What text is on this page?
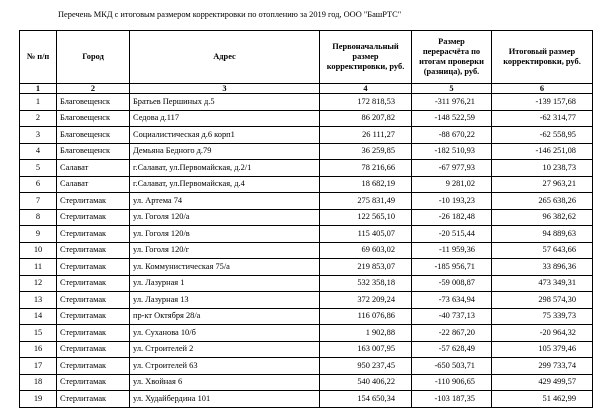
Перечень МКД с итоговым размером корректировки по отоплению за 2019 год, ООО "БашРТС"
№ п/п	Город	Адрес	Первоначальный размер корректировки, руб.	Размер перерасчёта по итогам проверки (разница), руб.	Итоговый размер корректировки, руб.
1	2	3	4	5	6
1	Благовещенск	Братьев Першиных д.5	172 818,53	-311 976,21	-139 157,68
2	Благовещенск	Седова д.117	86 207,82	-148 522,59	-62 314,77
3	Благовещенск	Социалистическая д.6 корп1	26 111,27	-88 670,22	-62 558,95
4	Благовещенск	Демьяна Бедного д.79	36 259,85	-182 510,93	-146 251,08
5	Салават	г.Салават, ул.Первомайская, д.2/1	78 216,66	-67 977,93	10 238,73
6	Салават	г.Салават, ул.Первомайская, д.4	18 682,19	9 281,02	27 963,21
7	Стерлитамак	ул. Артема 74	275 831,49	-10 193,23	265 638,26
8	Стерлитамак	ул. Гоголя 120/а	122 565,10	-26 182,48	96 382,62
9	Стерлитамак	ул. Гоголя 120/в	115 405,07	-20 515,44	94 889,63
10	Стерлитамак	ул. Гоголя 120/г	69 603,02	-11 959,36	57 643,66
11	Стерлитамак	ул. Коммунистическая 75/а	219 853,07	-185 956,71	33 896,36
12	Стерлитамак	ул. Лазурная 1	532 358,18	-59 008,87	473 349,31
13	Стерлитамак	ул. Лазурная 13	372 209,24	-73 634,94	298 574,30
14	Стерлитамак	пр-кт Октября 28/а	116 076,86	-40 737,13	75 339,73
15	Стерлитамак	ул. Суханова 10/б	1 902,88	-22 867,20	-20 964,32
16	Стерлитамак	ул. Строителей 2	163 007,95	-57 628,49	105 379,46
17	Стерлитамак	ул. Строителей 63	950 237,45	-650 503,71	299 733,74
18	Стерлитамак	ул. Хвойная 6	540 406,22	-110 906,65	429 499,57
19	Стерлитамак	ул. Худайбердина 101	154 650,34	-103 187,35	51 462,99
